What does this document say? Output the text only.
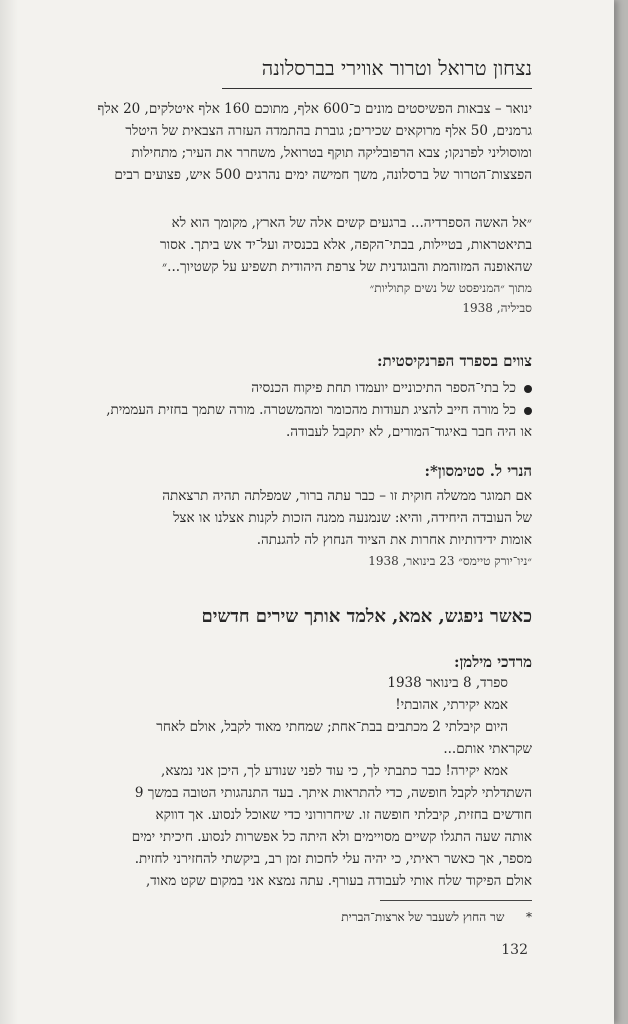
נצחון טרואל וטרור אווירי בברסלונה
ינואר – צבאות הפשיסטים מונים כ־600 אלף, מתוכם 160 אלף איטלקים, 20 אלף
גרמנים, 50 אלף מרוקאים שכירים; גוברת בהתמדה העזרה הצבאית של היטלר
ומוסוליני לפרנקו; צבא הרפובליקה תוקף בטרואל, משחרר את העיר; מתחילות
הפצצות־הטרור של ברסלונה, משך חמישה ימים נהרגים 500 איש, פצועים רבים
״אל האשה הספרדיה... ברגעים קשים אלה של הארץ, מקומך הוא לא
בתיאטראות, בטיילות, בבתי־הקפה, אלא בכנסיה ועל־יד אש ביתך. אסור
שהאופנה המזוהמת והבוגדנית של צרפת היהודית תשפיע על קשטיוך...״
מתוך ״המניפסט של נשים קתוליות״
סביליה, 1938
צווים בספרד הפרנקיסטית:
כל בתי־הספר התיכוניים יועמדו תחת פיקוח הכנסיה
כל מורה חייב להציג תעודות מהכומר ומהמשטרה. מורה שתמך בחזית העממית,
או היה חבר באיגוד־המורים, לא יתקבל לעבודה.
הנרי ל. סטימסון*:
אם תמוגר ממשלה חוקית זו – כבר עתה ברור, שמפלתה תהיה תרצאתה
של העובדה היחידה, והיא: שנמנעה ממנה הזכות לקנות אצלנו או אצל
אומות ידידותיות אחרות את הציוד הנחוץ לה להגנתה.
״ניו־יורק טיימס״ 23 בינואר, 1938
כאשר ניפגש, אמא, אלמד אותך שירים חדשים
מרדכי מילמן:
ספרד, 8 בינואר 1938
אמא יקירתי, אהובתי!
היום קיבלתי 2 מכתבים בבת־אחת; שמחתי מאוד לקבל, אולם לאחר
שקראתי אותם...
אמא יקירה! כבר כתבתי לך, כי עוד לפני שנודע לך, היכן אני נמצא,
השתדלתי לקבל חופשה, כדי להתראות איתך. בעד התנהגותי הטובה במשך 9
חודשים בחזית, קיבלתי חופשה זו. שיחרורוני כדי שאוכל לנסוע. אך דווקא
אותה שעה התגלו קשיים מסויימים ולא היתה כל אפשרות לנסוע. חיכיתי ימים
מספר, אך כאשר ראיתי, כי יהיה עלי לחכות זמן רב, ביקשתי להחזירני לחזית.
אולם הפיקוד שלח אותי לעבודה בעורף. עתה נמצא אני במקום שקט מאוד,
*  שר החוץ לשעבר של ארצות־הברית
132
